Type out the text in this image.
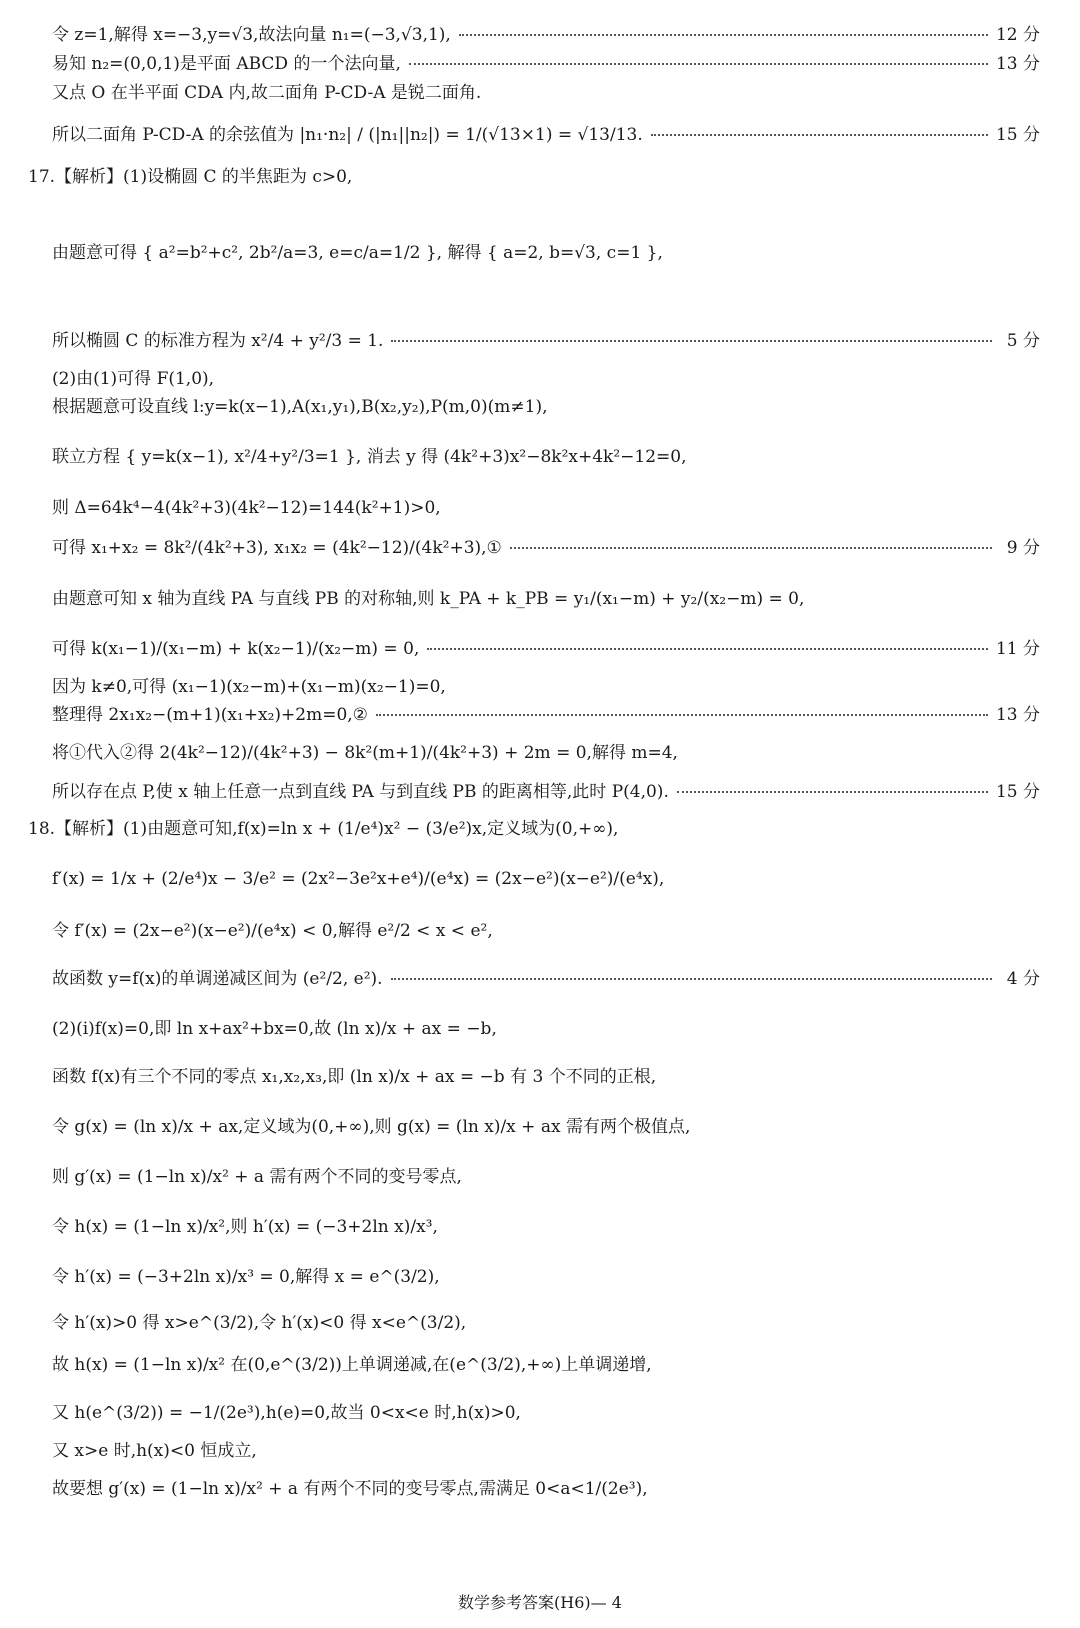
令 z=1,解得 x=−3,y=√3,故法向量 n₁=(−3,√3,1),	12 分
易知 n₂=(0,0,1)是平面 ABCD 的一个法向量,	13 分
又点 O 在半平面 CDA 内,故二面角 P-CD-A 是锐二面角.
所以二面角 P-CD-A 的余弦值为 |n₁·n₂| / (|n₁||n₂|) = 1/(√13×1) = √13/13.	15 分
17.【解析】(1)设椭圆 C 的半焦距为 c>0,
由题意可得 { a²=b²+c², 2b²/a=3, e=c/a=1/2 }, 解得 { a=2, b=√3, c=1 },
所以椭圆 C 的标准方程为 x²/4 + y²/3 = 1.	5 分
(2)由(1)可得 F(1,0),
根据题意可设直线 l:y=k(x−1),A(x₁,y₁),B(x₂,y₂),P(m,0)(m≠1),
联立方程 { y=k(x−1), x²/4+y²/3=1 }, 消去 y 得 (4k²+3)x²−8k²x+4k²−12=0,
则 Δ=64k⁴−4(4k²+3)(4k²−12)=144(k²+1)>0,
可得 x₁+x₂ = 8k²/(4k²+3), x₁x₂ = (4k²−12)/(4k²+3),①	9 分
由题意可知 x 轴为直线 PA 与直线 PB 的对称轴,则 k_PA + k_PB = y₁/(x₁−m) + y₂/(x₂−m) = 0,
可得 k(x₁−1)/(x₁−m) + k(x₂−1)/(x₂−m) = 0,	11 分
因为 k≠0,可得 (x₁−1)(x₂−m)+(x₁−m)(x₂−1)=0,
整理得 2x₁x₂−(m+1)(x₁+x₂)+2m=0,②	13 分
将①代入②得 2(4k²−12)/(4k²+3) − 8k²(m+1)/(4k²+3) + 2m = 0,解得 m=4,
所以存在点 P,使 x 轴上任意一点到直线 PA 与到直线 PB 的距离相等,此时 P(4,0).	15 分
18.【解析】(1)由题意可知,f(x)=ln x + (1/e⁴)x² − (3/e²)x,定义域为(0,+∞),
f′(x) = 1/x + (2/e⁴)x − 3/e² = (2x²−3e²x+e⁴)/(e⁴x) = (2x−e²)(x−e²)/(e⁴x),
令 f′(x) = (2x−e²)(x−e²)/(e⁴x) < 0,解得 e²/2 < x < e²,
故函数 y=f(x)的单调递减区间为 (e²/2, e²).	4 分
(2)(ⅰ)f(x)=0,即 ln x+ax²+bx=0,故 (ln x)/x + ax = −b,
函数 f(x)有三个不同的零点 x₁,x₂,x₃,即 (ln x)/x + ax = −b 有 3 个不同的正根,
令 g(x) = (ln x)/x + ax,定义域为(0,+∞),则 g(x) = (ln x)/x + ax 需有两个极值点,
则 g′(x) = (1−ln x)/x² + a 需有两个不同的变号零点,
令 h(x) = (1−ln x)/x²,则 h′(x) = (−3+2ln x)/x³,
令 h′(x) = (−3+2ln x)/x³ = 0,解得 x = e^(3/2),
令 h′(x)>0 得 x>e^(3/2),令 h′(x)<0 得 x<e^(3/2),
故 h(x) = (1−ln x)/x² 在(0,e^(3/2))上单调递减,在(e^(3/2),+∞)上单调递增,
又 h(e^(3/2)) = −1/(2e³),h(e)=0,故当 0<x<e 时,h(x)>0,
又 x>e 时,h(x)<0 恒成立,
故要想 g′(x) = (1−ln x)/x² + a 有两个不同的变号零点,需满足 0<a<1/(2e³),
数学参考答案(H6)— 4
